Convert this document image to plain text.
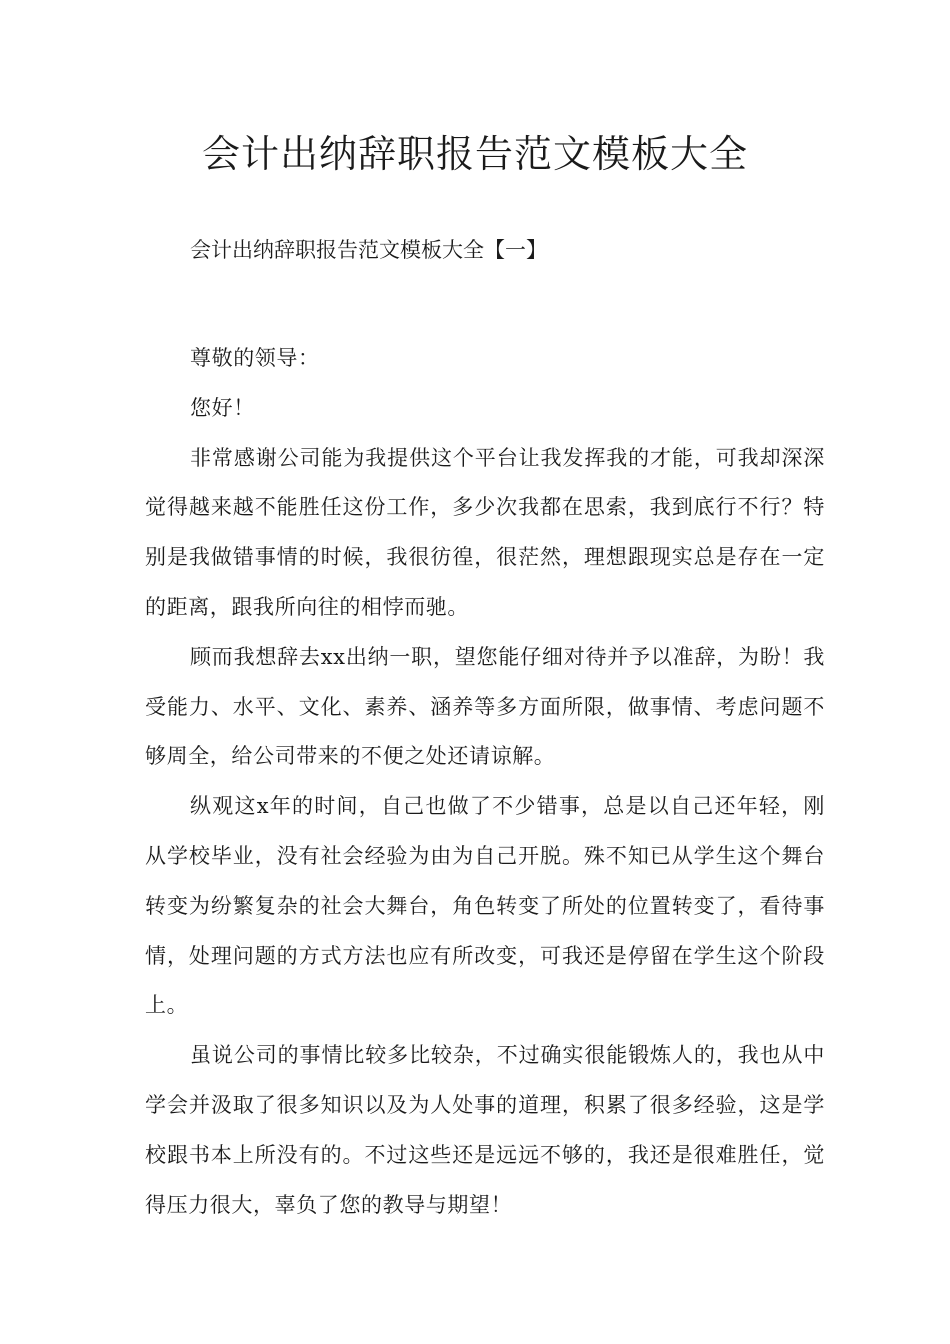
会计出纳辞职报告范文模板大全

会计出纳辞职报告范文模板大全【一】

尊敬的领导：

您好！

非常感谢公司能为我提供这个平台让我发挥我的才能，可我却深深觉得越来越不能胜任这份工作，多少次我都在思索，我到底行不行？特别是我做错事情的时候，我很彷徨，很茫然，理想跟现实总是存在一定的距离，跟我所向往的相悖而驰。

顾而我想辞去xx出纳一职，望您能仔细对待并予以准辞，为盼！我受能力、水平、文化、素养、涵养等多方面所限，做事情、考虑问题不够周全，给公司带来的不便之处还请谅解。

纵观这x年的时间，自己也做了不少错事，总是以自己还年轻，刚从学校毕业，没有社会经验为由为自己开脱。殊不知已从学生这个舞台转变为纷繁复杂的社会大舞台，角色转变了所处的位置转变了，看待事情，处理问题的方式方法也应有所改变，可我还是停留在学生这个阶段上。

虽说公司的事情比较多比较杂，不过确实很能锻炼人的，我也从中学会并汲取了很多知识以及为人处事的道理，积累了很多经验，这是学校跟书本上所没有的。不过这些还是远远不够的，我还是很难胜任，觉得压力很大，辜负了您的教导与期望！
